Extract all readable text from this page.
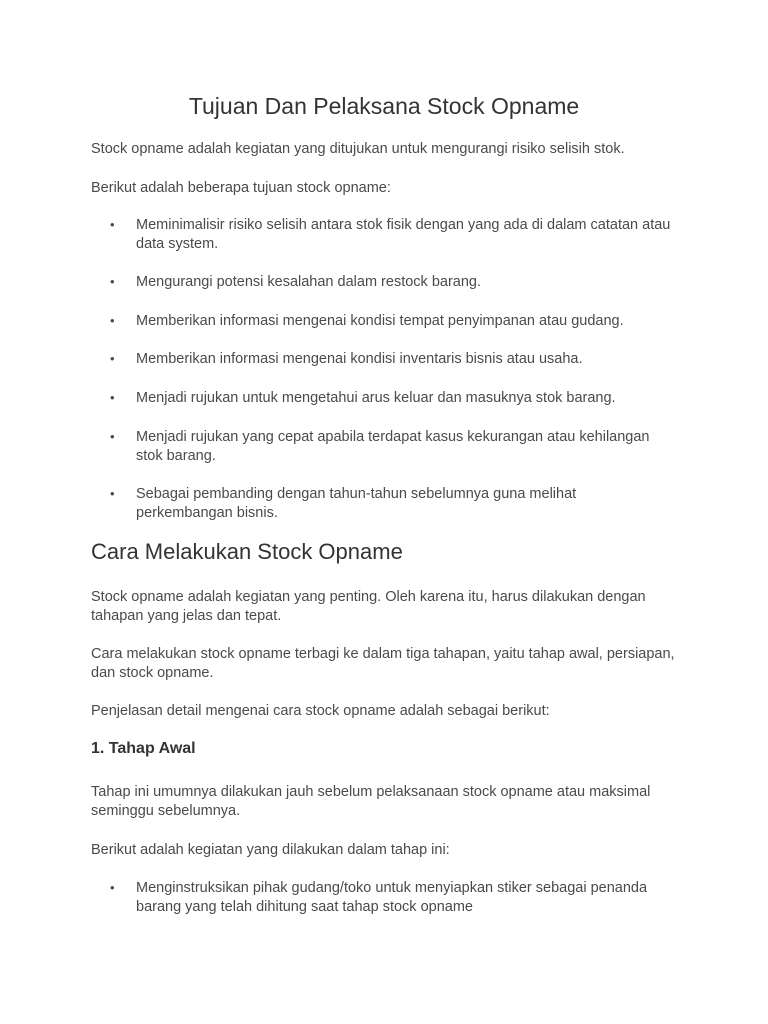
Tujuan Dan Pelaksana Stock Opname

Stock opname adalah kegiatan yang ditujukan untuk mengurangi risiko selisih stok.

Berikut adalah beberapa tujuan stock opname:

•	Meminimalisir risiko selisih antara stok fisik dengan yang ada di dalam catatan atau data system.
•	Mengurangi potensi kesalahan dalam restock barang.
•	Memberikan informasi mengenai kondisi tempat penyimpanan atau gudang.
•	Memberikan informasi mengenai kondisi inventaris bisnis atau usaha.
•	Menjadi rujukan untuk mengetahui arus keluar dan masuknya stok barang.
•	Menjadi rujukan yang cepat apabila terdapat kasus kekurangan atau kehilangan stok barang.
•	Sebagai pembanding dengan tahun-tahun sebelumnya guna melihat perkembangan bisnis.
Cara Melakukan Stock Opname

Stock opname adalah kegiatan yang penting. Oleh karena itu, harus dilakukan dengan tahapan yang jelas dan tepat.

Cara melakukan stock opname terbagi ke dalam tiga tahapan, yaitu tahap awal, persiapan, dan stock opname.

Penjelasan detail mengenai cara stock opname adalah sebagai berikut:

1. Tahap Awal

Tahap ini umumnya dilakukan jauh sebelum pelaksanaan stock opname atau maksimal seminggu sebelumnya.

Berikut adalah kegiatan yang dilakukan dalam tahap ini:

•	Menginstruksikan pihak gudang/toko untuk menyiapkan stiker sebagai penanda barang yang telah dihitung saat tahap stock opname
